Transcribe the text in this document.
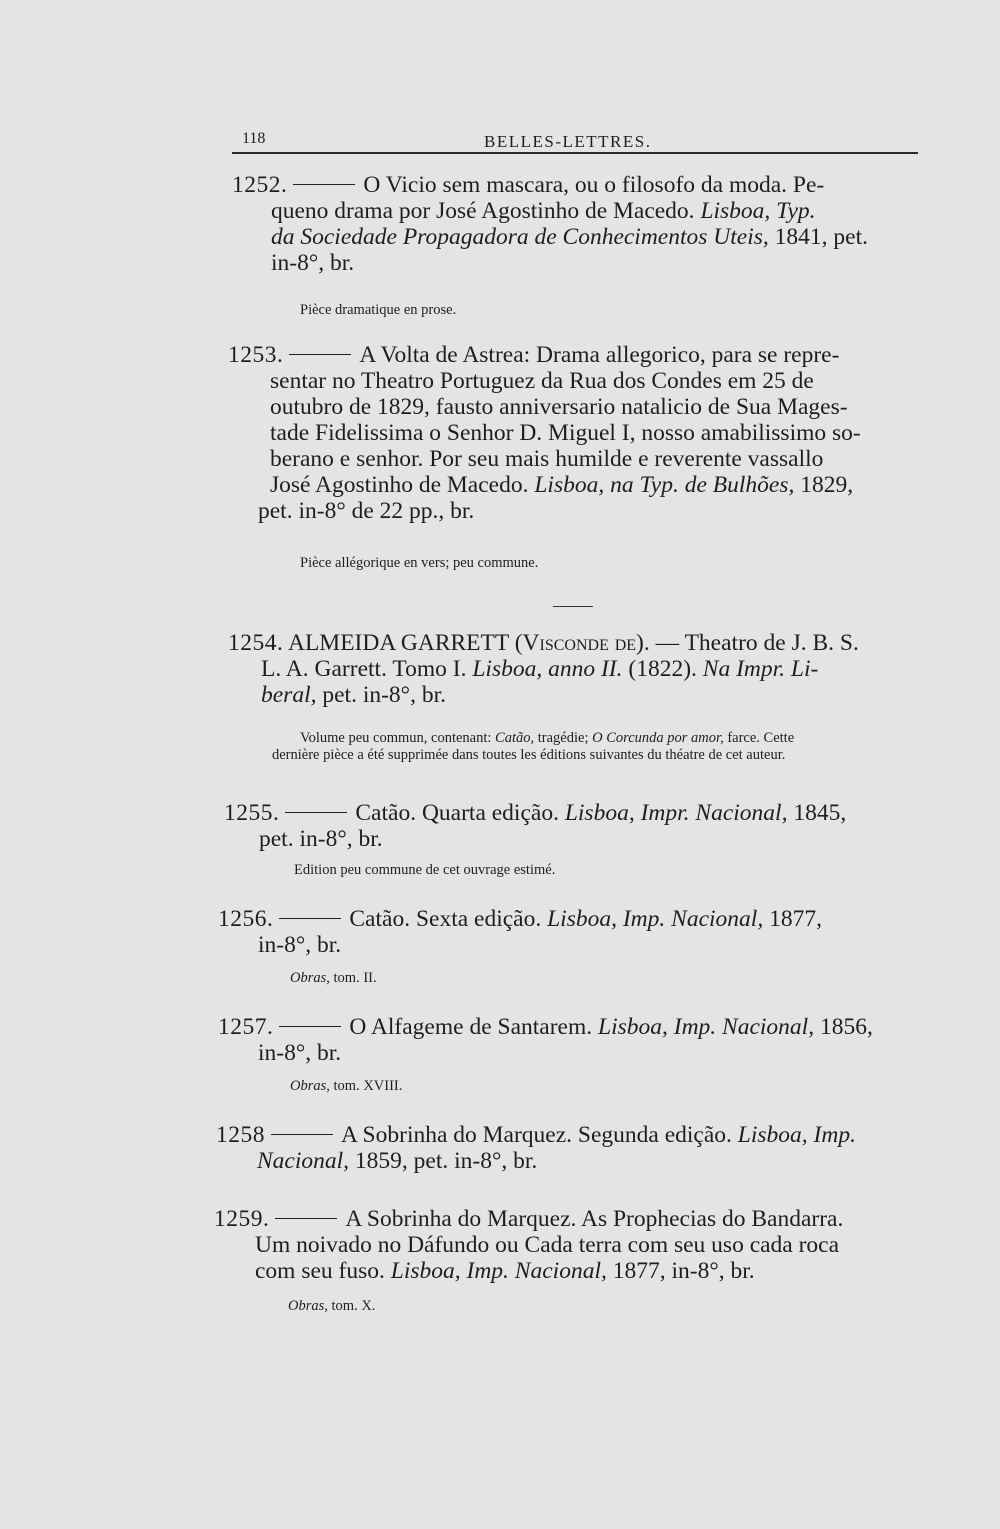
118	BELLES-LETTRES.
1252.	O Vicio sem mascara, ou o filosofo da moda. Pe-
queno drama por José Agostinho de Macedo. Lisboa, Typ.
da Sociedade Propagadora de Conhecimentos Uteis, 1841, pet.
in-8°, br.
Pièce dramatique en prose.
1253.	A Volta de Astrea: Drama allegorico, para se repre-
sentar no Theatro Portuguez da Rua dos Condes em 25 de
outubro de 1829, fausto anniversario natalicio de Sua Mages-
tade Fidelissima o Senhor D. Miguel I, nosso amabilissimo so-
berano e senhor. Por seu mais humilde e reverente vassallo
José Agostinho de Macedo. Lisboa, na Typ. de Bulhões, 1829,
pet. in-8° de 22 pp., br.
Pièce allégorique en vers; peu commune.
1254. ALMEIDA GARRETT (Visconde de). — Theatro de J. B. S.
L. A. Garrett. Tomo I. Lisboa, anno II. (1822). Na Impr. Li-
beral, pet. in-8°, br.
Volume peu commun, contenant: Catão, tragédie; O Corcunda por amor, farce. Cette
dernière pièce a été supprimée dans toutes les éditions suivantes du théatre de cet auteur.
1255.	Catão. Quarta edição. Lisboa, Impr. Nacional, 1845,
pet. in-8°, br.
Edition peu commune de cet ouvrage estimé.
1256.	Catão. Sexta edição. Lisboa, Imp. Nacional, 1877,
in-8°, br.
Obras, tom. II.
1257.	O Alfageme de Santarem. Lisboa, Imp. Nacional, 1856,
in-8°, br.
Obras, tom. XVIII.
1258	A Sobrinha do Marquez. Segunda edição. Lisboa, Imp.
Nacional, 1859, pet. in-8°, br.
1259.	A Sobrinha do Marquez. As Prophecias do Bandarra.
Um noivado no Dáfundo ou Cada terra com seu uso cada roca
com seu fuso. Lisboa, Imp. Nacional, 1877, in-8°, br.
Obras, tom. X.
